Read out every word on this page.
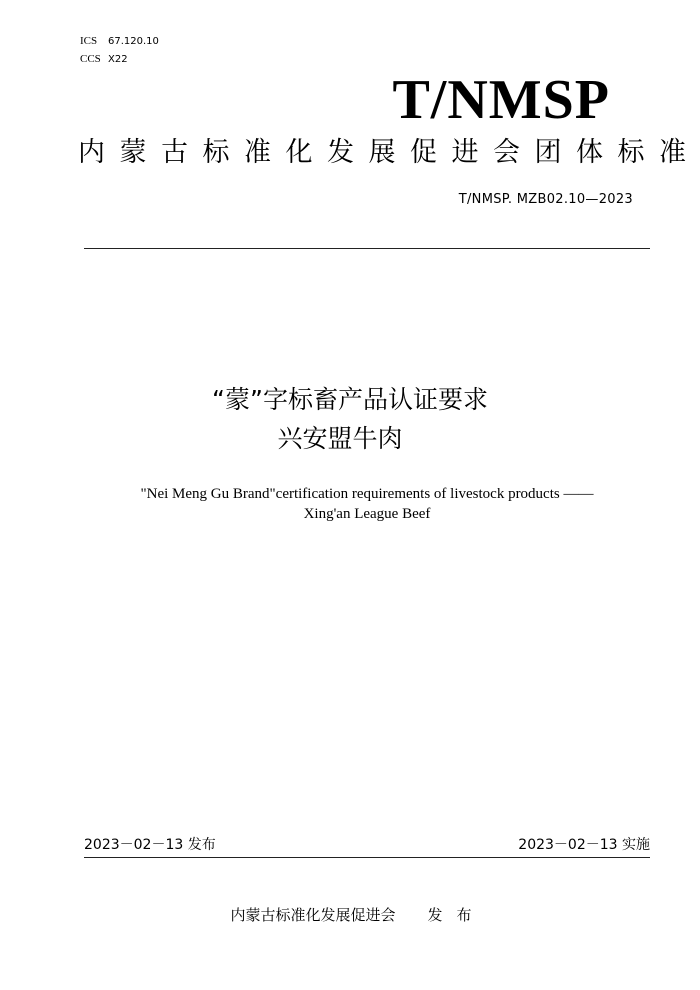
ICS 67.120.10
CCS X22
T/NMSP
内蒙古标准化发展促进会团体标准
T/NMSP. MZB02.10—2023
“蒙”字标畜产品认证要求
兴安盟牛肉
"Nei Meng Gu Brand"certification requirements of livestock products ——
Xing'an League Beef
2023－02－13 发布	2023－02－13 实施
内蒙古标准化发展促进会 发布
